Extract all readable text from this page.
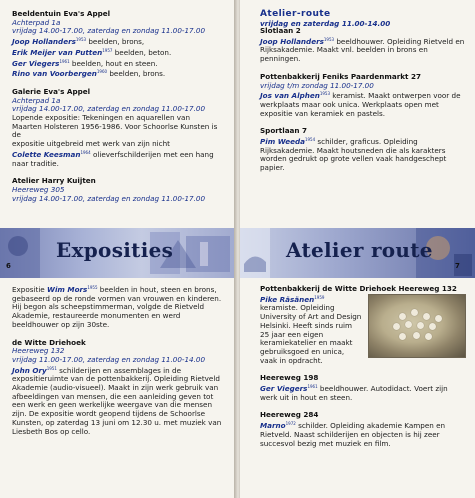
Beeldentuin Eva's Appel

Achterpad 1a

vrijdag 14.00-17.00, zaterdag en zondag 11.00-17.00

Joop Hollanders$^{1953}$ beelden, brons,

Erik Meijer van Putten$^{1957}$ beelden, beton.

Ger Viegers$^{1961}$ beelden, hout en steen.

Rino van Voorbergen$^{1960}$ beelden, brons.

Galerie Eva's Appel

Achterpad 1a

vrijdag 14.00-17.00, zaterdag en zondag 11.00-17.00

Lopende expositie: Tekeningen en aquarellen van

Maarten Holsteren 1956-1986. Voor Schoorlse Kunsten is de

expositie uitgebreid met werk van zijn nicht

Colette Keesman$^{1964}$ olieverfschilderijen met een hang naar traditie.

Atelier Harry Kuijten

Heereweg 305

vrijdag 14.00-17.00, zaterdag en zondag 11.00-17.00

Exposities
6

Expositie Wim Mors$^{1955}$ beelden in hout, steen en brons, gebaseerd op de ronde vormen van vrouwen en kinderen. Hij begon als scheepstimmerman, volgde de Rietveld Akademie, restaureerde monumenten en werd beeldhouwer op zijn 30ste.

de Witte Driehoek

Heereweg 132

vrijdag 11.00-17.00, zaterdag en zondag 11.00-14.00

John Ory$^{1951}$ schilderijen en assemblages in de expositieruimte van de pottenbakkerij. Opleiding Rietveld Akademie (audio-visueel). Maakt in zijn werk gebruik van afbeeldingen van mensen, die een aanleiding geven tot een werk en geen werkelijke weergave van die mensen zijn. De expositie wordt geopend tijdens de Schoorlse Kunsten, op zaterdag 13 juni om 12.30 u. met muziek van Liesbeth Bos op cello.

Atelier-route
vrijdag en zaterdag 11.00-14.00

Slotlaan 2

Joop Hollanders$^{1953}$ beeldhouwer. Opleiding Rietveld en Rijksakademie. Maakt vnl. beelden in brons en penningen.

Pottenbakkerij Feniks Paardenmarkt 27

vrijdag t/m zondag 11.00-17.00

Jos van Alphen$^{1953}$ keramist. Maakt ontwerpen voor de werkplaats maar ook unica. Werkplaats open met expositie van keramiek en pastels.

Sportlaan 7

Pim Weeda$^{1954}$ schilder, graficus. Opleiding Rijksakademie. Maakt houtsneden die als karakters worden gedrukt op grote vellen vaak handgeschept papier.

Atelier route
7

Pottenbakkerij de Witte Driehoek Heereweg 132

Pike Räsänen$^{1959}$ keramiste. Opleiding University of Art and Design Helsinki. Heeft sinds ruim 25 jaar een eigen keramiekatelier en maakt gebruiksgoed en unica, vaak in opdracht.

Heereweg 198

Ger Viegers$^{1961}$ beeldhouwer. Autodidact. Voert zijn werk uit in hout en steen.

Heereweg 284

Marno$^{1972}$ schilder. Opleiding akademie Kampen en Rietveld. Naast schilderijen en objecten is hij zeer succesvol bezig met muziek en film.
